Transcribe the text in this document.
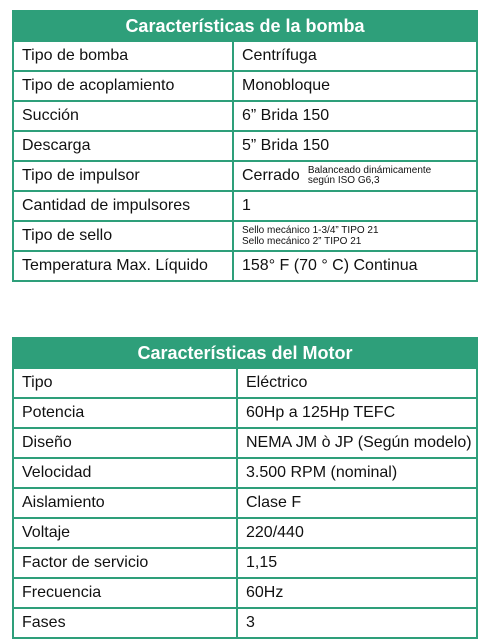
Características de la bomba
Tipo de bomba	Centrífuga
Tipo de acoplamiento	Monobloque
Succión	6” Brida 150
Descarga	5” Brida 150
Tipo de impulsor	Cerrado Balanceado dinámicamente
según ISO G6,3
Cantidad de impulsores	1
Tipo de sello	Sello mecánico 1-3/4” TIPO 21
Sello mecánico 2” TIPO 21
Temperatura Max. Líquido	158° F (70 ° C) Continua
Características del Motor
Tipo	Eléctrico
Potencia	60Hp a 125Hp TEFC
Diseño	NEMA JM ò JP (Según modelo)
Velocidad	3.500 RPM (nominal)
Aislamiento	Clase F
Voltaje	220/440
Factor de servicio	1,15
Frecuencia	60Hz
Fases	3
